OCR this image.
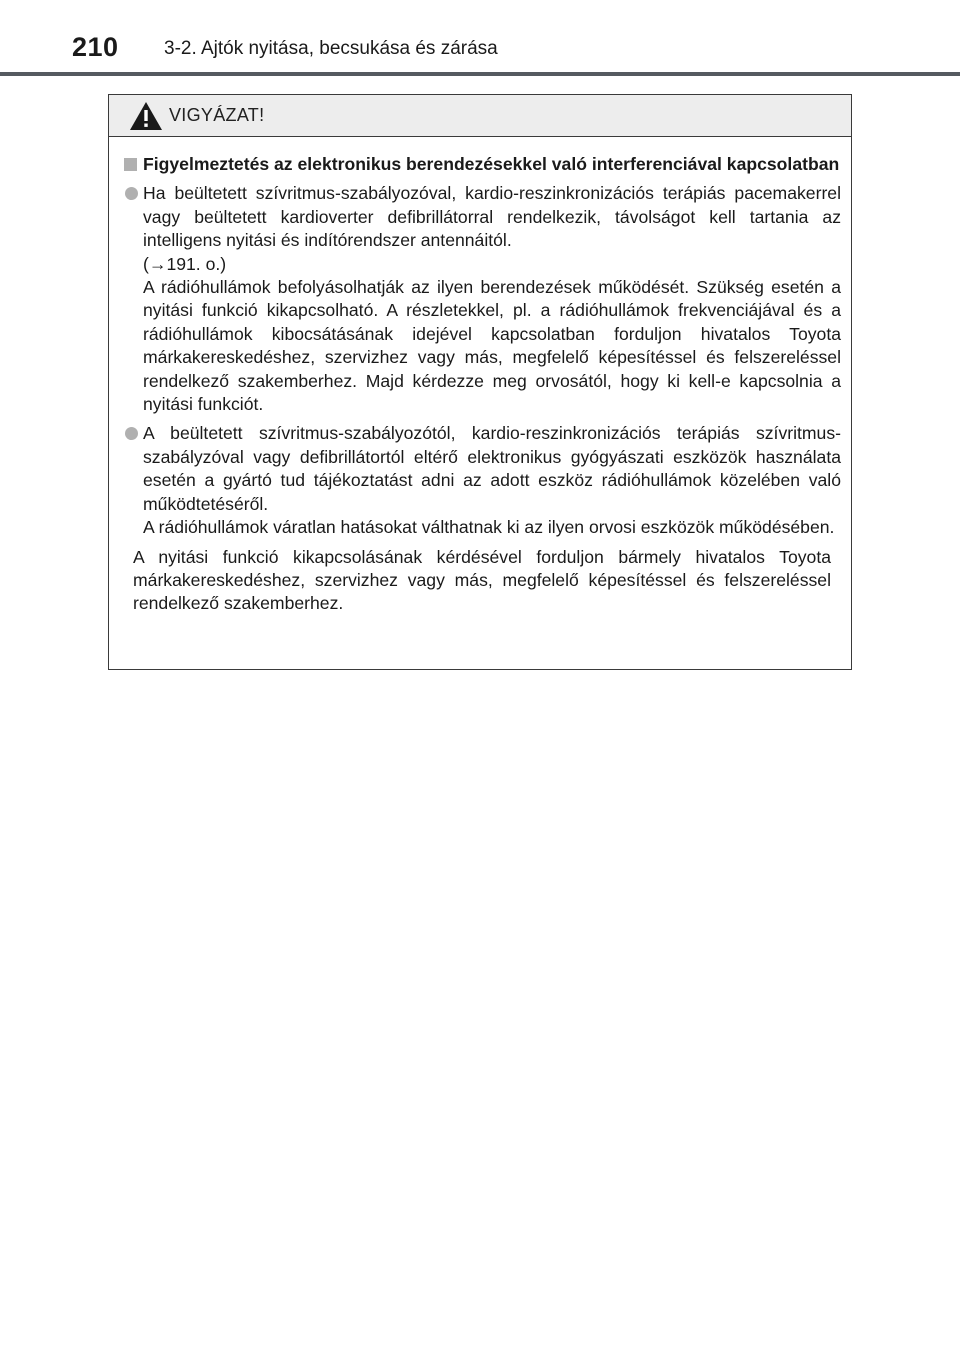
210 3-2. Ajtók nyitása, becsukása és zárása
VIGYÁZAT!
Figyelmeztetés az elektronikus berendezésekkel való interferenciával kapcsolatban
Ha beültetett szívritmus-szabályozóval, kardio-reszinkronizációs terápiás pacemakerrel vagy beültetett kardioverter defibrillátorral rendelkezik, távolságot kell tartania az intelligens nyitási és indítórendszer antennáitól.
(→191. o.)
A rádióhullámok befolyásolhatják az ilyen berendezések működését. Szükség esetén a nyitási funkció kikapcsolható. A részletekkel, pl. a rádióhullámok frekvenciájával és a rádióhullámok kibocsátásának idejével kapcsolatban forduljon hivatalos Toyota márkakereskedéshez, szervizhez vagy más, megfelelő képesítéssel és felszereléssel rendelkező szakemberhez. Majd kérdezze meg orvosától, hogy ki kell-e kapcsolnia a nyitási funkciót.
A beültetett szívritmus-szabályozótól, kardio-reszinkronizációs terápiás szívritmus-szabályzóval vagy defibrillátortól eltérő elektronikus gyógyászati eszközök használata esetén a gyártó tud tájékoztatást adni az adott eszköz rádióhullámok közelében való működtetéséről.
A rádióhullámok váratlan hatásokat válthatnak ki az ilyen orvosi eszközök működésében.
A nyitási funkció kikapcsolásának kérdésével forduljon bármely hivatalos Toyota márkakereskedéshez, szervizhez vagy más, megfelelő képesítéssel és felszereléssel rendelkező szakemberhez.
